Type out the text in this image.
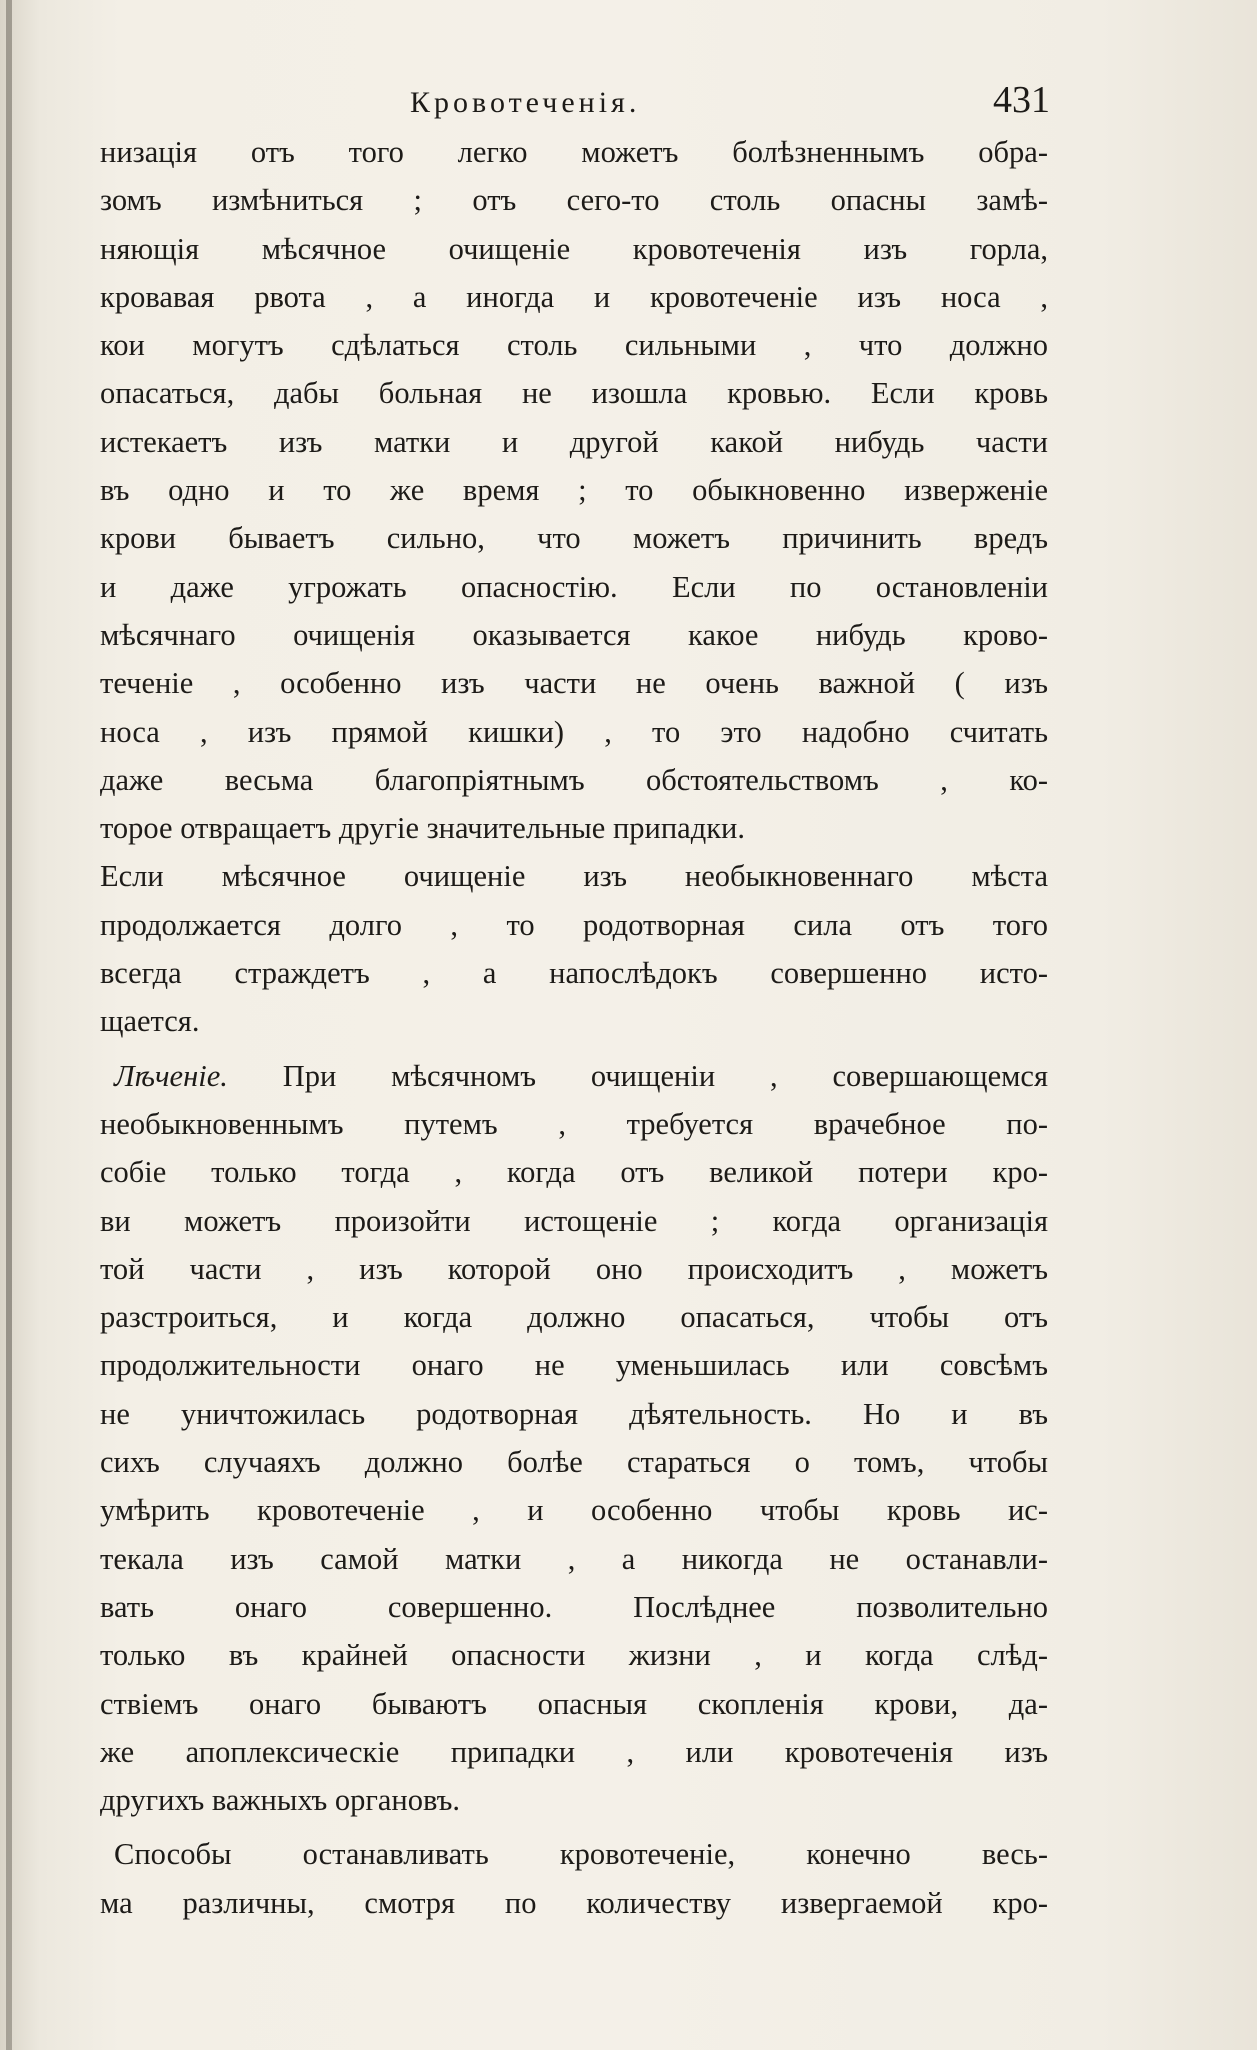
Кровотеченія.	431
низація отъ того легко можетъ болѣзненнымъ обра-
зомъ измѣниться ; отъ сего-то столь опасны замѣ-
няющія мѣсячное очищеніе кровотеченія изъ горла,
кровавая рвота , а иногда и кровотеченіе изъ носа ,
кои могутъ сдѣлаться столь сильными , что должно
опасаться, дабы больная не изошла кровью. Если кровь
истекаетъ изъ матки и другой какой нибудь части
въ одно и то же время ; то обыкновенно изверженіе
крови бываетъ сильно, что можетъ причинить вредъ
и даже угрожать опасностію. Если по остановленіи
мѣсячнаго очищенія оказывается какое нибудь крово-
теченіе , особенно изъ части не очень важной ( изъ
носа , изъ прямой кишки) , то это надобно считать
даже весьма благопріятнымъ обстоятельствомъ , ко-
торое отвращаетъ другіе значительные припадки.
Если мѣсячное очищеніе изъ необыкновеннаго мѣста
продолжается долго , то родотворная сила отъ того
всегда страждетъ , а напослѣдокъ совершенно исто-
щается.
Лѣченіе. При мѣсячномъ очищеніи , совершающемся
необыкновеннымъ путемъ , требуется врачебное по-
собіе только тогда , когда отъ великой потери кро-
ви можетъ произойти истощеніе ; когда организація
той части , изъ которой оно происходитъ , можетъ
разстроиться, и когда должно опасаться, чтобы отъ
продолжительности онаго не уменьшилась или совсѣмъ
не уничтожилась родотворная дѣятельность. Но и въ
сихъ случаяхъ должно болѣе стараться о томъ, чтобы
умѣрить кровотеченіе , и особенно чтобы кровь ис-
текала изъ самой матки , а никогда не останавли-
вать онаго совершенно. Послѣднее позволительно
только въ крайней опасности жизни , и когда слѣд-
ствіемъ онаго бываютъ опасныя скопленія крови, да-
же апоплексическіе припадки , или кровотеченія изъ
другихъ важныхъ органовъ.
Способы останавливать кровотеченіе, конечно весь-
ма различны, смотря по количеству извергаемой кро-
